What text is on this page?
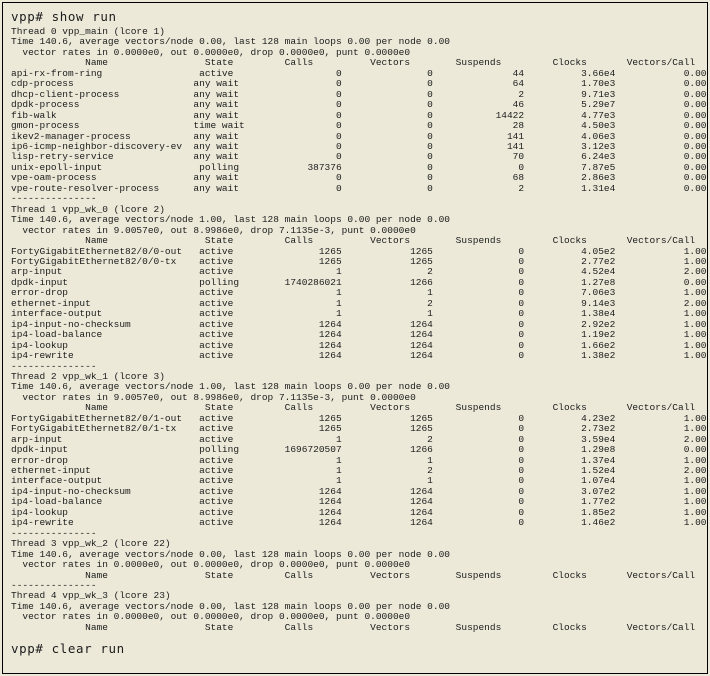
vpp# show run
Thread 0 vpp_main (lcore 1)
Time 140.6, average vectors/node 0.00, last 128 main loops 0.00 per node 0.00
vector rates in 0.0000e0, out 0.0000e0, drop 0.0000e0, punt 0.0000e0
Name                 State         Calls          Vectors        Suspends         Clocks       Vectors/Call
api-rx-from-ring                 active                  0               0              44          3.66e4            0.00
cdp-process                     any wait                 0               0              64          1.70e3            0.00
dhcp-client-process             any wait                 0               0               2          9.71e3            0.00
dpdk-process                    any wait                 0               0              46          5.29e7            0.00
fib-walk                        any wait                 0               0           14422          4.77e3            0.00
gmon-process                    time wait                0               0              28          4.50e3            0.00
ikev2-manager-process           any wait                 0               0             141          4.06e3            0.00
ip6-icmp-neighbor-discovery-ev  any wait                 0               0             141          3.12e3            0.00
lisp-retry-service              any wait                 0               0              70          6.24e3            0.00
unix-epoll-input                 polling            387376               0               0          7.87e5            0.00
vpe-oam-process                 any wait                 0               0              68          2.86e3            0.00
vpe-route-resolver-process      any wait                 0               0               2          1.31e4            0.00
---------------
Thread 1 vpp_wk_0 (lcore 2)
Time 140.6, average vectors/node 1.00, last 128 main loops 0.00 per node 0.00
vector rates in 9.0057e0, out 8.9986e0, drop 7.1135e-3, punt 0.0000e0
Name                 State         Calls          Vectors        Suspends         Clocks       Vectors/Call
FortyGigabitEthernet82/0/0-out   active               1265            1265               0          4.05e2            1.00
FortyGigabitEthernet82/0/0-tx    active               1265            1265               0          2.77e2            1.00
arp-input                        active                  1               2               0          4.52e4            2.00
dpdk-input                       polling        1740286021            1266               0          1.27e8            0.00
error-drop                       active                  1               1               0          7.06e3            1.00
ethernet-input                   active                  1               2               0          9.14e3            2.00
interface-output                 active                  1               1               0          1.38e4            1.00
ip4-input-no-checksum            active               1264            1264               0          2.92e2            1.00
ip4-load-balance                 active               1264            1264               0          1.19e2            1.00
ip4-lookup                       active               1264            1264               0          1.66e2            1.00
ip4-rewrite                      active               1264            1264               0          1.38e2            1.00
---------------
Thread 2 vpp_wk_1 (lcore 3)
Time 140.6, average vectors/node 1.00, last 128 main loops 0.00 per node 0.00
vector rates in 9.0057e0, out 8.9986e0, drop 7.1135e-3, punt 0.0000e0
Name                 State         Calls          Vectors        Suspends         Clocks       Vectors/Call
FortyGigabitEthernet82/0/1-out   active               1265            1265               0          4.23e2            1.00
FortyGigabitEthernet82/0/1-tx    active               1265            1265               0          2.73e2            1.00
arp-input                        active                  1               2               0          3.59e4            2.00
dpdk-input                       polling        1696720507            1266               0          1.29e8            0.00
error-drop                       active                  1               1               0          1.37e4            1.00
ethernet-input                   active                  1               2               0          1.52e4            2.00
interface-output                 active                  1               1               0          1.07e4            1.00
ip4-input-no-checksum            active               1264            1264               0          3.07e2            1.00
ip4-load-balance                 active               1264            1264               0          1.77e2            1.00
ip4-lookup                       active               1264            1264               0          1.85e2            1.00
ip4-rewrite                      active               1264            1264               0          1.46e2            1.00
---------------
Thread 3 vpp_wk_2 (lcore 22)
Time 140.6, average vectors/node 0.00, last 128 main loops 0.00 per node 0.00
vector rates in 0.0000e0, out 0.0000e0, drop 0.0000e0, punt 0.0000e0
Name                 State         Calls          Vectors        Suspends         Clocks       Vectors/Call
---------------
Thread 4 vpp_wk_3 (lcore 23)
Time 140.6, average vectors/node 0.00, last 128 main loops 0.00 per node 0.00
vector rates in 0.0000e0, out 0.0000e0, drop 0.0000e0, punt 0.0000e0
Name                 State         Calls          Vectors        Suspends         Clocks       Vectors/Call
vpp# clear run
